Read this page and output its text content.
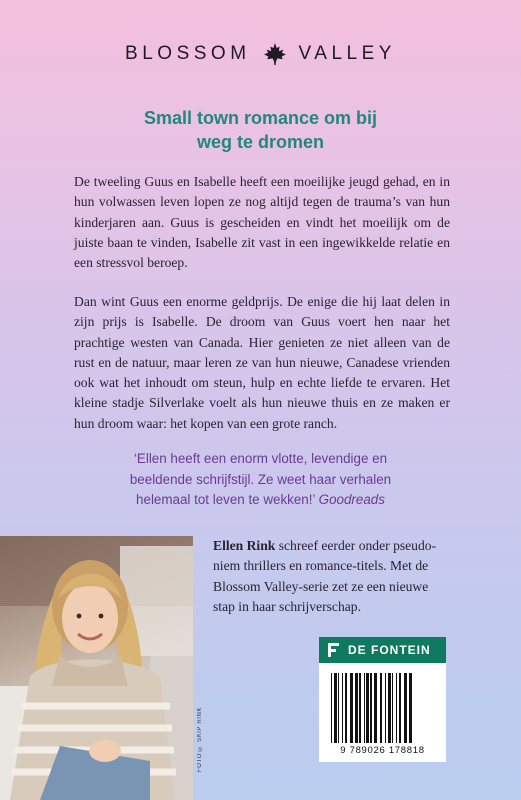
BLOSSOM	VALLEY
Small town romance om bij
weg te dromen

De tweeling Guus en Isabelle heeft een moeilijke jeugd gehad, en in hun volwassen leven lopen ze nog altijd tegen de trauma’s van hun kinderjaren aan. Guus is gescheiden en vindt het moeilijk om de juiste baan te vinden, Isabelle zit vast in een ingewikkelde relatie en een stressvol beroep.

Dan wint Guus een enorme geldprijs. De enige die hij laat delen in zijn prijs is Isabelle. De droom van Guus voert hen naar het prachtige westen van Canada. Hier genieten ze niet alleen van de rust en de natuur, maar leren ze van hun nieuwe, Canadese vrienden ook wat het inhoudt om steun, hulp en echte liefde te ervaren. Het kleine stadje Silverlake voelt als hun nieuwe thuis en ze maken er hun droom waar: het kopen van een grote ranch.

‘Ellen heeft een enorm vlotte, levendige en
beeldende schrijfstijl. Ze weet haar verhalen
helemaal tot leven te wekken!’ Goodreads
FOTO © SKIP RINK
Ellen Rink schreef eerder onder pseudo-
niem thrillers en romance-titels. Met de
Blossom Valley-serie zet ze een nieuwe
stap in haar schrijverschap.
DE FONTEIN
9 789026 178818
